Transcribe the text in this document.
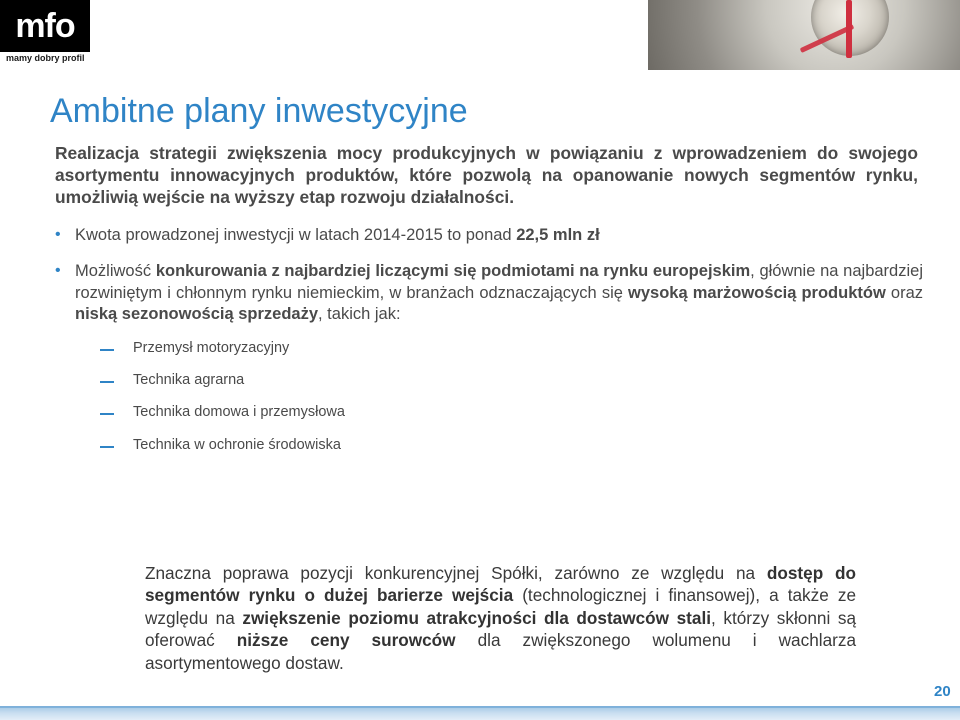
mfo
mamy dobry profil
Ambitne plany inwestycyjne
Realizacja strategii zwiększenia mocy produkcyjnych w powiązaniu z wprowadzeniem do swojego asortymentu innowacyjnych produktów, które pozwolą na opanowanie nowych segmentów rynku, umożliwią wejście na wyższy etap rozwoju działalności.
• Kwota prowadzonej inwestycji w latach 2014-2015 to ponad 22,5 mln zł
• Możliwość konkurowania z najbardziej liczącymi się podmiotami na rynku europejskim, głównie na najbardziej rozwiniętym i chłonnym rynku niemieckim, w branżach odznaczających się wysoką marżowością produktów oraz niską sezonowością sprzedaży, takich jak:
Przemysł motoryzacyjny
Technika agrarna
Technika domowa i przemysłowa
Technika w ochronie środowiska
Znaczna poprawa pozycji konkurencyjnej Spółki, zarówno ze względu na dostęp do segmentów rynku o dużej barierze wejścia (technologicznej i finansowej), a także ze względu na zwiększenie poziomu atrakcyjności dla dostawców stali, którzy skłonni są oferować niższe ceny surowców dla zwiększonego wolumenu i wachlarza asortymentowego dostaw.
20
